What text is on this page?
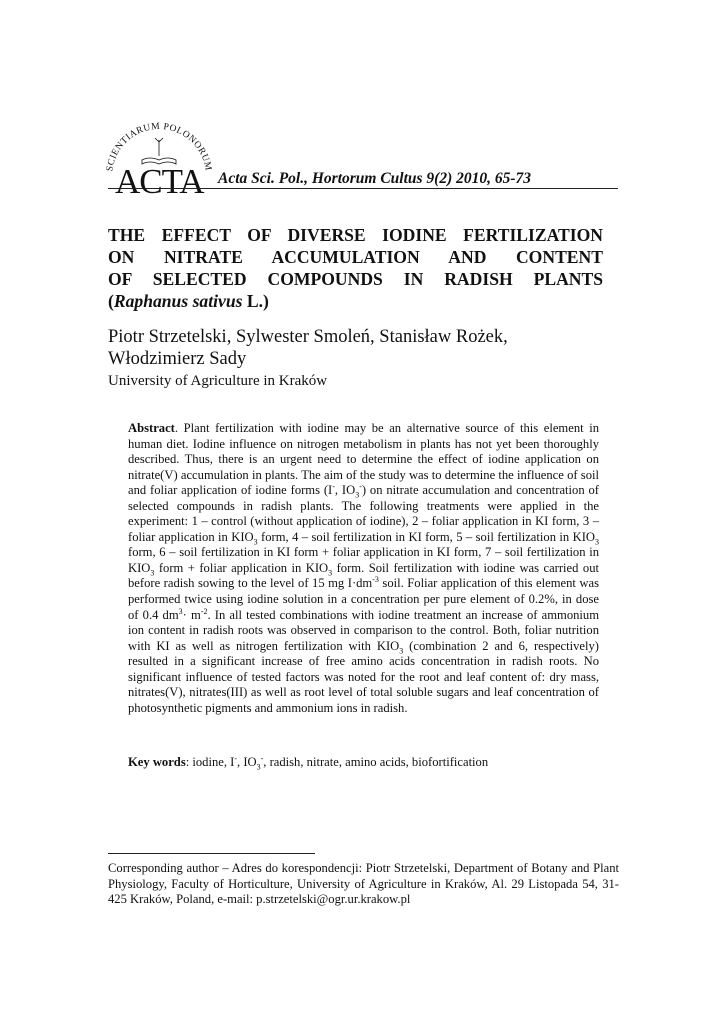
SCIENTIARUM POLONORUM
ACTA Acta Sci. Pol., Hortorum Cultus 9(2) 2010, 65-73
THE EFFECT OF DIVERSE IODINE FERTILIZATION
ON NITRATE ACCUMULATION AND CONTENT
OF SELECTED COMPOUNDS IN RADISH PLANTS
(Raphanus sativus L.)
Piotr Strzetelski, Sylwester Smoleń, Stanisław Rożek,
Włodzimierz Sady
University of Agriculture in Kraków
Abstract. Plant fertilization with iodine may be an alternative source of this element in human diet. Iodine influence on nitrogen metabolism in plants has not yet been thoroughly described. Thus, there is an urgent need to determine the effect of iodine application on nitrate(V) accumulation in plants. The aim of the study was to determine the influence of soil and foliar application of iodine forms (I-, $IO_3^-$) on nitrate accumulation and concentration of selected compounds in radish plants. The following treatments were applied in the experiment: 1 – control (without application of iodine), 2 – foliar application in KI form, 3 – foliar application in $KIO_3$ form, 4 – soil fertilization in KI form, 5 – soil fertilization in $KIO_3$ form, 6 – soil fertilization in KI form + foliar application in KI form, 7 – soil fertilization in $KIO_3$ form + foliar application in $KIO_3$ form. Soil fertilization with iodine was carried out before radish sowing to the level of 15 mg $I\cdot dm^{-3}$ soil. Foliar application of this element was performed twice using iodine solution in a concentration per pure element of 0.2%, in dose of 0.4 $dm^3\cdot m^{-2}$. In all tested combinations with iodine treatment an increase of ammonium ion content in radish roots was observed in comparison to the control. Both, foliar nutrition with KI as well as nitrogen fertilization with $KIO_3$ (combination 2 and 6, respectively) resulted in a significant increase of free amino acids concentration in radish roots. No significant influence of tested factors was noted for the root and leaf content of: dry mass, nitrates(V), nitrates(III) as well as root level of total soluble sugars and leaf concentration of photosynthetic pigments and ammonium ions in radish.
Key words: iodine, I-, $IO_3^-$, radish, nitrate, amino acids, biofortification
Corresponding author – Adres do korespondencji: Piotr Strzetelski, Department of Botany and Plant Physiology, Faculty of Horticulture, University of Agriculture in Kraków, Al. 29 Listopada 54, 31-425 Kraków, Poland, e-mail: p.strzetelski@ogr.ur.krakow.pl
